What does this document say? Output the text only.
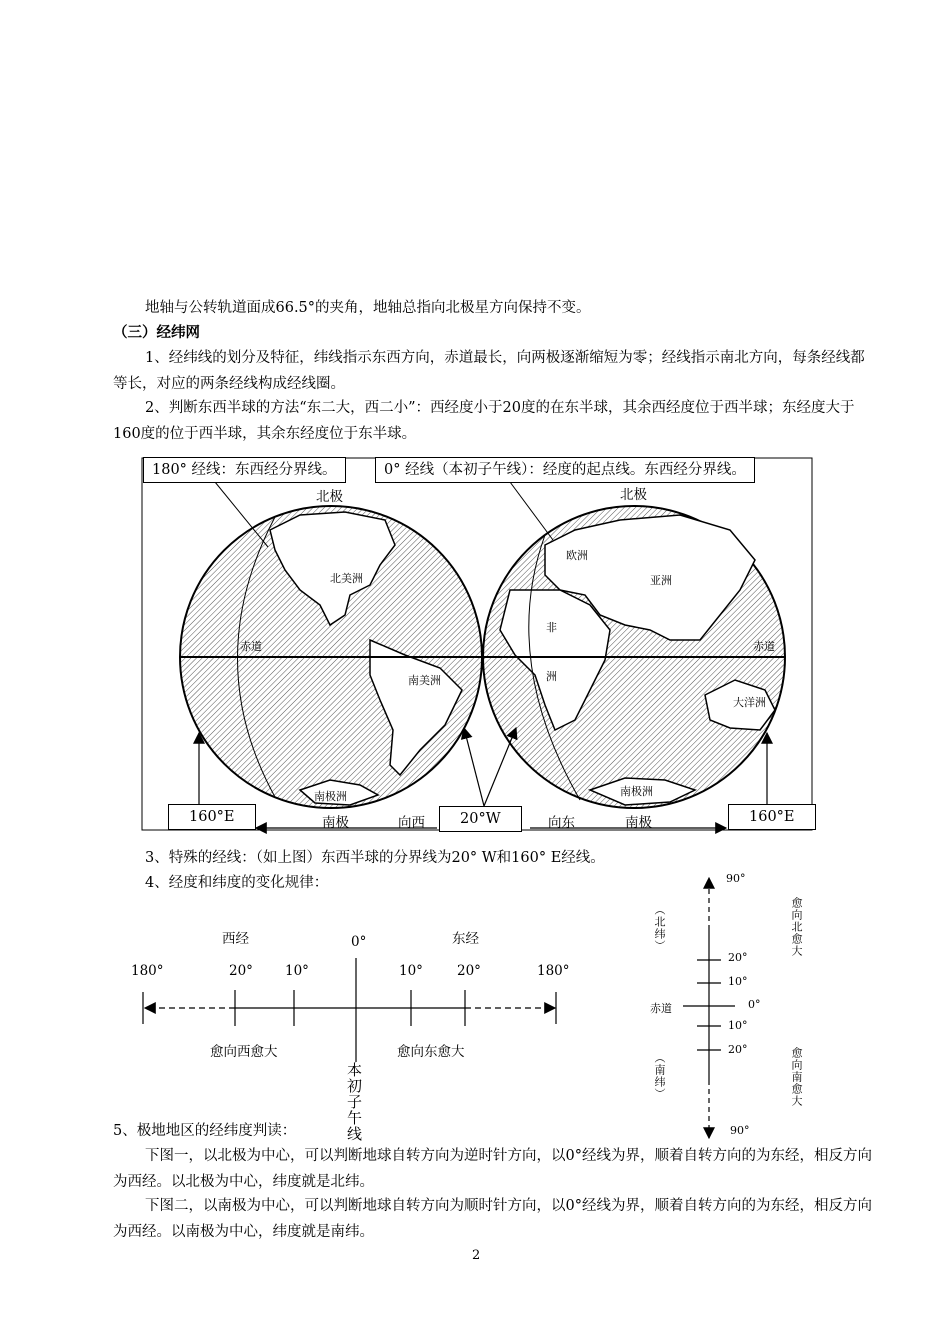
地轴与公转轨道面成66.5°的夹角，地轴总指向北极星方向保持不变。
（三）经纬网
1、经纬线的划分及特征，纬线指示东西方向，赤道最长，向两极逐渐缩短为零；经线指示南北方向，每条经线都等长，对应的两条经线构成经线圈。
2、判断东西半球的方法“东二大，西二小”：西经度小于20度的在东半球，其余西经度位于西半球；东经度大于160度的位于西半球，其余东经度位于东半球。
180° 经线：东西经分界线。	0° 经线（本初子午线）：经度的起点线。东西经分界线。
北极	北极
赤道	赤道
北美洲
南美洲
南极洲
欧洲
亚洲
非
洲
大洋洲
南极洲
160°E	20°W	160°E
南极	向西	向东	南极
3、特殊的经线：（如上图）东西半球的分界线为20° W和160° E经线。
4、经度和纬度的变化规律：
西经	东经
0°
180°	20° 10°	10°	20°	180°
愈向西愈大	愈向东愈大
本初子午线
90°
20°
10°
0°
10°
20°
90°
赤道
（北纬）
（南纬）
愈向北愈大
愈向南愈大
5、极地地区的经纬度判读：
下图一，以北极为中心，可以判断地球自转方向为逆时针方向，以0°经线为界，顺着自转方向的为东经，相反方向为西经。以北极为中心，纬度就是北纬。
下图二，以南极为中心，可以判断地球自转方向为顺时针方向，以0°经线为界，顺着自转方向的为东经，相反方向为西经。以南极为中心，纬度就是南纬。
2
